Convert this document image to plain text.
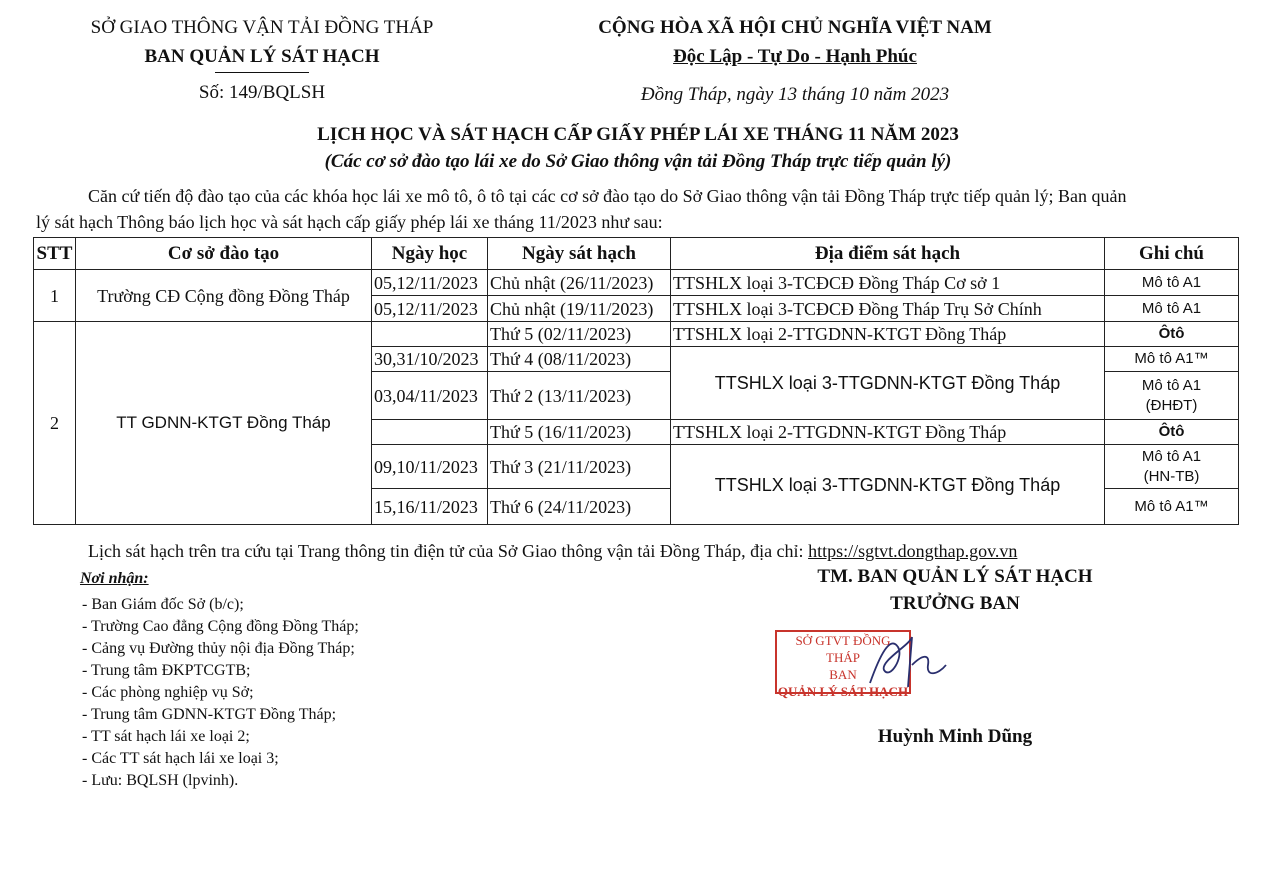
SỞ GIAO THÔNG VẬN TẢI ĐỒNG THÁP
BAN QUẢN LÝ SÁT HẠCH
Số: 149/BQLSH
CỘNG HÒA XÃ HỘI CHỦ NGHĨA VIỆT NAM
Độc Lập - Tự Do - Hạnh Phúc
Đồng Tháp, ngày 13 tháng 10 năm 2023
LỊCH HỌC VÀ SÁT HẠCH CẤP GIẤY PHÉP LÁI XE THÁNG 11 NĂM 2023
(Các cơ sở đào tạo lái xe do Sở Giao thông vận tải Đồng Tháp trực tiếp quản lý)
Căn cứ tiến độ đào tạo của các khóa học lái xe mô tô, ô tô tại các cơ sở đào tạo do Sở Giao thông vận tải Đồng Tháp trực tiếp quản lý; Ban quản
lý sát hạch Thông báo lịch học và sát hạch cấp giấy phép lái xe tháng 11/2023 như sau:
STT	Cơ sở đào tạo	Ngày học	Ngày sát hạch	Địa điểm sát hạch	Ghi chú
1	Trường CĐ Cộng đồng Đồng Tháp	05,12/11/2023	Chủ nhật (26/11/2023)	TTSHLX loại 3-TCĐCĐ Đồng Tháp Cơ sở 1	Mô tô A1
		05,12/11/2023	Chủ nhật (19/11/2023)	TTSHLX loại 3-TCĐCĐ Đồng Tháp Trụ Sở Chính	Mô tô A1
2	TT GDNN-KTGT Đồng Tháp		Thứ 5 (02/11/2023)	TTSHLX loại 2-TTGDNN-KTGT Đồng Tháp	Ôtô
		30,31/10/2023	Thứ 4 (08/11/2023)	TTSHLX loại 3-TTGDNN-KTGT Đồng Tháp	Mô tô A1™
		03,04/11/2023	Thứ 2 (13/11/2023)		Mô tô A1
(ĐHĐT)

			Thứ 5 (16/11/2023)	TTSHLX loại 2-TTGDNN-KTGT Đồng Tháp	Ôtô
		09,10/11/2023	Thứ 3 (21/11/2023)	TTSHLX loại 3-TTGDNN-KTGT Đồng Tháp	Mô tô A1
(HN-TB)

		15,16/11/2023	Thứ 6 (24/11/2023)		Mô tô A1™
Lịch sát hạch trên tra cứu tại Trang thông tin điện tử của Sở Giao thông vận tải Đồng Tháp, địa chỉ: https://sgtvt.dongthap.gov.vn
Nơi nhận:
- Ban Giám đốc Sở (b/c);
- Trường Cao đẳng Cộng đồng Đồng Tháp;
- Cảng vụ Đường thủy nội địa Đồng Tháp;
- Trung tâm ĐKPTCGTB;
- Các phòng nghiệp vụ Sở;
- Trung tâm GDNN-KTGT Đồng Tháp;
- TT sát hạch lái xe loại 2;
- Các TT sát hạch lái xe loại 3;
- Lưu: BQLSH (lpvinh).
TM. BAN QUẢN LÝ SÁT HẠCH
TRƯỞNG BAN
SỞ GTVT ĐỒNG THÁP
BAN
QUẢN LÝ SÁT HẠCH
Huỳnh Minh Dũng
